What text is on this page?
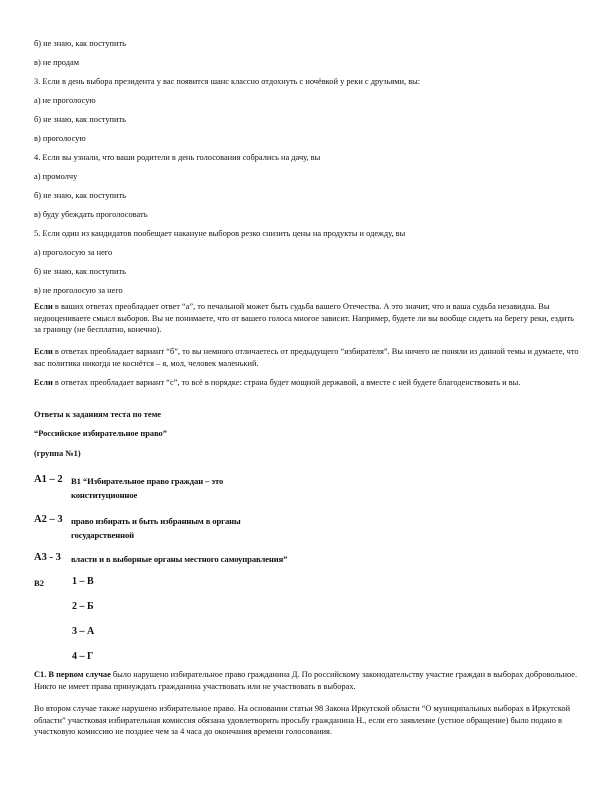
б) не знаю, как поступить
в) не продам
3. Если в день выбора президента у вас появится шанс классно отдохнуть с ночёвкой у реки с друзьями, вы:
а) не проголосую
б) не знаю, как поступить
в) проголосую
4. Если вы узнали, что ваши родители в день голосования собрались на дачу, вы
а) промолчу
б) не знаю, как поступить
в) буду убеждать проголосовать
5. Если один из кандидатов пообещает накануне выборов резко снизить цены на продукты и одежду, вы
а) проголосую за него
б) не знаю, как поступить
в) не проголосую за него
Если в ваших ответах преобладает ответ “а”, то печальной может быть судьба вашего Отечества. А это значит, что и ваша судьба незавидна. Вы недооцениваете смысл выборов. Вы не понимаете, что от вашего голоса многое зависит. Например, будете ли вы вообще сидеть на берегу реки, ездить за границу (не бесплатно, конечно).
Если в ответах преобладает вариант “б”, то вы немного отличаетесь от предыдущего “избирателя”. Вы ничего не поняли из данной темы и думаете, что вас политика никогда не коснётся – я, мол, человек маленький.
Если в ответах преобладает вариант “с”, то всё в порядке: страна будет мощной державой, а вместе с ней будете благоденствовать и вы.
Ответы к заданиям теста по теме
“Российское избирательное право”
(группа №1)
А1 – 2 В1 “Избирательное право граждан – это
конституционное
А2 – 3 право избирать и быть избранным в органы
государственной
А3 - 3 власти и в выборные органы местного самоуправления”
В2	1 – В
2 – Б
3 – А
4 – Г
С1. В первом случае было нарушено избирательное право гражданина Д. По российскому законодательству участие граждан в выборах добровольное. Никто не имеет права принуждать гражданина участвовать или не участвовать в выборах.
Во втором случае также нарушено избирательное право. На основании статьи 98 Закона Иркутской области “О муниципальных выборах в Иркутской области” участковая избирательная комиссия обязана удовлетворить просьбу гражданина Н., если его заявление (устное обращение) было подано в участковую комиссию не позднее чем за 4 часа до окончания времени голосования.
